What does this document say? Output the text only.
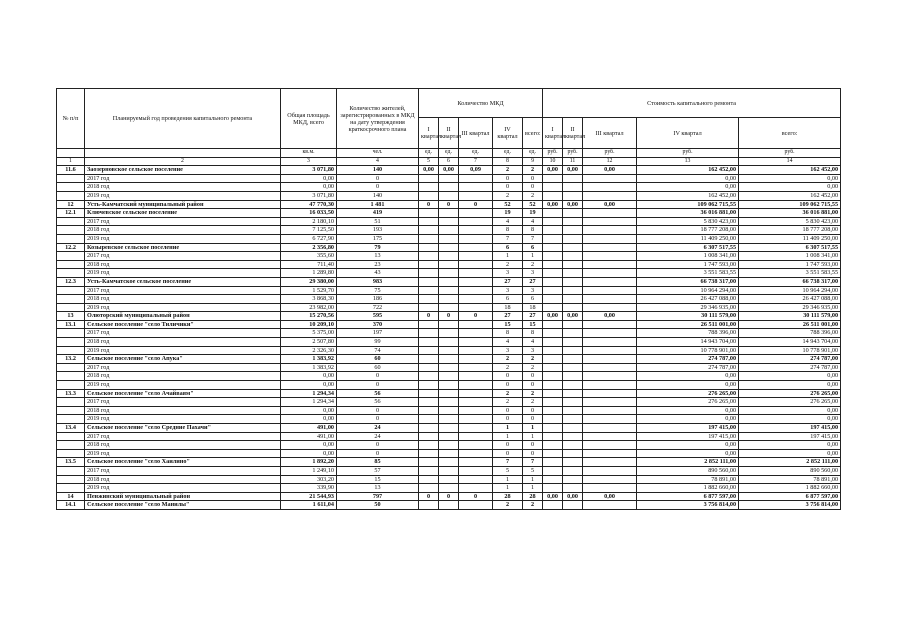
№ п/п	Планируемый год проведения капитального ремонта	Общая площадь МКД, всего	Количество жителей, зарегистрированных в МКД на дату утверждения краткосрочного плана	Количество МКД					Стоимость капитального ремонта				
				I квартал	II квартал	III квартал	IV квартал	всего:	I квартал	II квартал	III квартал	IV квартал	всего:
		кв.м.	чел.	ед.	ед.	ед.	ед.	ед.	руб.	руб.	руб.	руб.	руб.
1	2	3	4	5	6	7	8	9	10	11	12	13	14
11.6	Заозерновское сельское поселение	3 071,80	140	0,00	0,00	0,09	2	2	0,00	0,00	0,00	162 452,00	162 452,00
	2017 год	0,00	0				0	0				0,00	0,00
	2018 год	0,00	0				0	0				0,00	0,00
	2019 год	3 071,80	140				2	2				162 452,00	162 452,00
12	Усть-Камчатский муниципальный район	47 770,30	1 481	0	0	0	52	52	0,00	0,00	0,00	109 062 715,55	109 062 715,55
12.1	Ключевское сельское поселение	16 033,50	419				19	19				36 016 881,00	36 016 881,00
	2017 год	2 180,10	51				4	4				5 830 423,00	5 830 423,00
	2018 год	7 125,50	193				8	8				18 777 208,00	18 777 208,00
	2019 год	6 727,90	175				7	7				11 409 250,00	11 409 250,00
12.2	Козыревское сельское поселение	2 356,80	79				6	6				6 307 517,55	6 307 517,55
	2017 год	355,60	13				1	1				1 008 341,00	1 008 341,00
	2018 год	711,40	23				2	2				1 747 593,00	1 747 593,00
	2019 год	1 289,80	43				3	3				3 551 583,55	3 551 583,55
12.3	Усть-Камчатское сельское поселение	29 380,00	983				27	27				66 738 317,00	66 738 317,00
	2017 год	1 529,70	75				3	3				10 964 294,00	10 964 294,00
	2018 год	3 868,30	186				6	6				26 427 088,00	26 427 088,00
	2019 год	23 982,00	722				18	18				29 346 935,00	29 346 935,00
13	Олюторский муниципальный район	15 270,56	595	0	0	0	27	27	0,00	0,00	0,00	30 111 579,00	30 111 579,00
13.1	Сельское поселение "село Тиличики"	10 209,10	370				15	15				26 511 001,00	26 511 001,00
	2017 год	5 375,00	197				8	8				788 396,00	788 396,00
	2018 год	2 507,80	99				4	4				14 943 704,00	14 943 704,00
	2019 год	2 326,30	74				3	3				10 778 901,00	10 778 901,00
13.2	Сельское поселение "село Апука"	1 383,92	60				2	2				274 787,00	274 787,00
	2017 год	1 383,92	60				2	2				274 787,00	274 787,00
	2018 год	0,00	0				0	0				0,00	0,00
	2019 год	0,00	0				0	0				0,00	0,00
13.3	Сельское поселение "село Ачайваям"	1 294,34	56				2	2				276 265,00	276 265,00
	2017 год	1 294,34	56				2	2				276 265,00	276 265,00
	2018 год	0,00	0				0	0				0,00	0,00
	2019 год	0,00	0				0	0				0,00	0,00
13.4	Сельское поселение "село Средние Пахачи"	491,00	24				1	1				197 415,00	197 415,00
	2017 год	491,00	24				1	1				197 415,00	197 415,00
	2018 год	0,00	0				0	0				0,00	0,00
	2019 год	0,00	0				0	0				0,00	0,00
13.5	Сельское поселение "село Хаилино"	1 892,20	85				7	7				2 852 111,00	2 852 111,00
	2017 год	1 249,10	57				5	5				890 560,00	890 560,00
	2018 год	303,20	15				1	1				78 891,00	78 891,00
	2019 год	339,90	13				1	1				1 882 660,00	1 882 660,00
14	Пенжинский муниципальный район	21 544,93	797	0	0	0	28	28	0,00	0,00	0,00	6 877 597,00	6 877 597,00
14.1	Сельское поселение "село Манилы"	1 611,04	50				2	2				3 756 814,00	3 756 814,00
